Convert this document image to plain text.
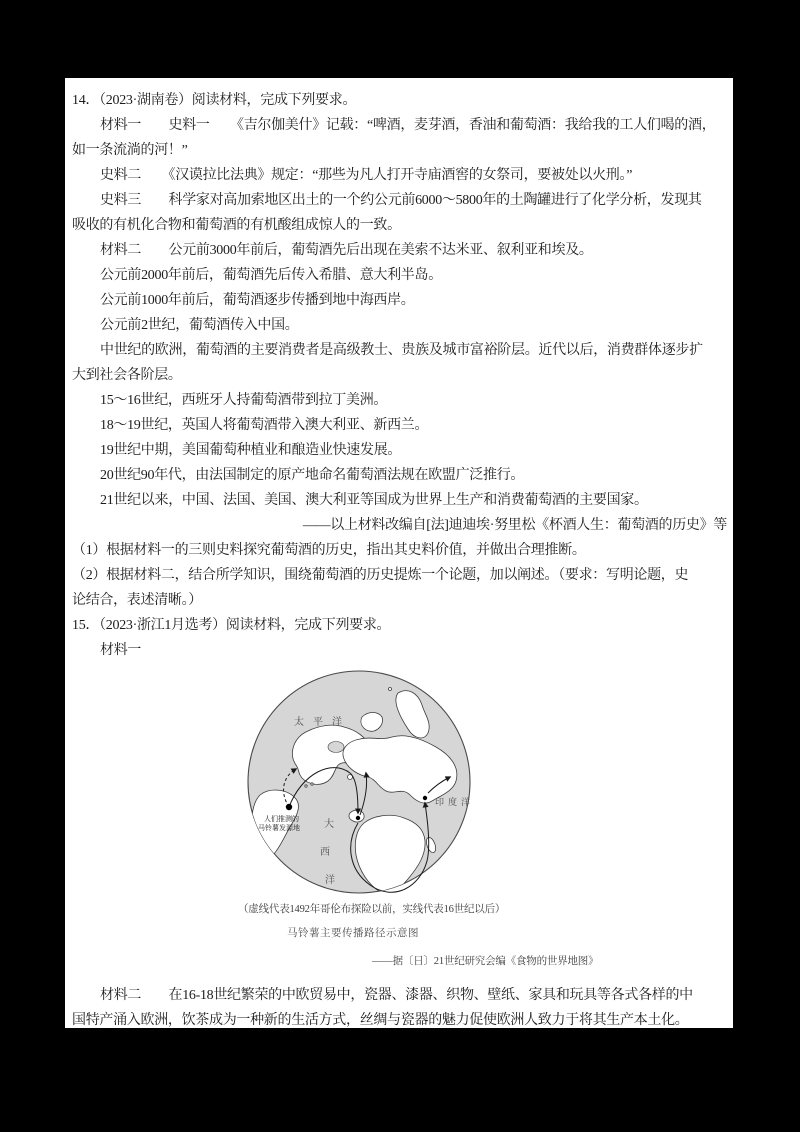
14．（2023·湖南卷）阅读材料，完成下列要求。

材料一　　史料一　　《吉尔伽美什》记载：“啤酒，麦芽酒，香油和葡萄酒：我给我的工人们喝的酒，

如一条流淌的河！”

史料二　　《汉谟拉比法典》规定：“那些为凡人打开寺庙酒窖的女祭司，要被处以火刑。”

史料三　　科学家对高加索地区出土的一个约公元前6000～5800年的土陶罐进行了化学分析，发现其

吸收的有机化合物和葡萄酒的有机酸组成惊人的一致。

材料二　　公元前3000年前后，葡萄酒先后出现在美索不达米亚、叙利亚和埃及。

公元前2000年前后，葡萄酒先后传入希腊、意大利半岛。

公元前1000年前后，葡萄酒逐步传播到地中海西岸。

公元前2世纪，葡萄酒传入中国。

中世纪的欧洲，葡萄酒的主要消费者是高级教士、贵族及城市富裕阶层。近代以后，消费群体逐步扩

大到社会各阶层。

15～16世纪，西班牙人持葡萄酒带到拉丁美洲。

18～19世纪，英国人将葡萄酒带入澳大利亚、新西兰。

19世纪中期，美国葡萄种植业和酿造业快速发展。

20世纪90年代，由法国制定的原产地命名葡萄酒法规在欧盟广泛推行。

21世纪以来，中国、法国、美国、澳大利亚等国成为世界上生产和消费葡萄酒的主要国家。

——以上材料改编自[法]迪迪埃·努里松《杯酒人生：葡萄酒的历史》等

（1）根据材料一的三则史料探究葡萄酒的历史，指出其史料价值，并做出合理推断。

（2）根据材料二，结合所学知识，围绕葡萄酒的历史提炼一个论题，加以阐述。（要求：写明论题，史

论结合，表述清晰。）

15．（2023·浙江1月选考）阅读材料，完成下列要求。

材料一

太平洋
印度洋
大
西
洋
人们推测的
马铃薯发源地
（虚线代表1492年哥伦布探险以前，实线代表16世纪以后）
马铃薯主要传播路径示意图
——据〔日〕21世纪研究会编《食物的世界地图》

材料二　　在16-18世纪繁荣的中欧贸易中，瓷器、漆器、织物、壁纸、家具和玩具等各式各样的中

国特产涌入欧洲，饮茶成为一种新的生活方式，丝绸与瓷器的魅力促使欧洲人致力于将其生产本土化。
